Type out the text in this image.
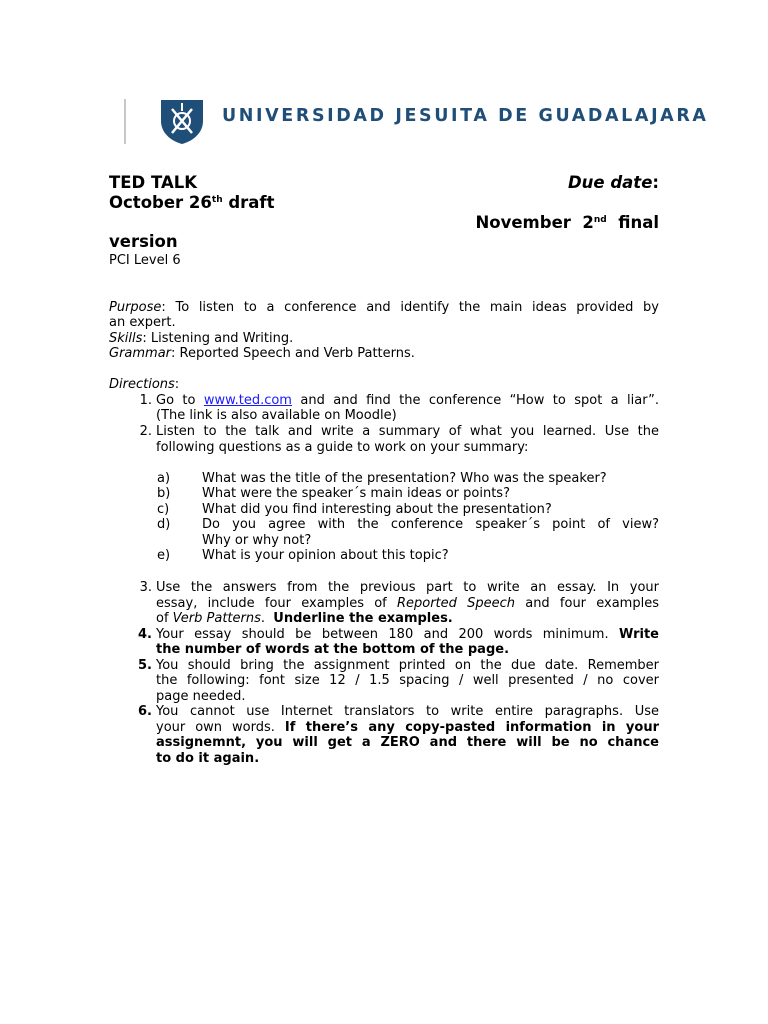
UNIVERSIDAD JESUITA DE GUADALAJARA
TED TALK	Due date:
October 26th draft
November  2nd  final
version
PCI Level 6
Purpose: To listen to a conference and identify the main ideas provided by
an expert.
Skills: Listening and Writing.
Grammar: Reported Speech and Verb Patterns.
Directions:
1. Go to www.ted.com and and find the conference “How to spot a liar”.
(The link is also available on Moodle)
2. Listen to the talk and write a summary of what you learned. Use the
following questions as a guide to work on your summary:
a) What was the title of the presentation? Who was the speaker?
b) What were the speaker´s main ideas or points?
c)	What did you find interesting about the presentation?
d) Do you agree with the conference speaker´s point of view?
Why or why not?
e) What is your opinion about this topic?
3. Use the answers from the previous part to write an essay. In your
essay, include four examples of Reported Speech and four examples
of Verb Patterns.  Underline the examples.
4. Your essay should be between 180 and 200 words minimum. Write
the number of words at the bottom of the page.
5. You should bring the assignment printed on the due date. Remember
the following: font size 12 / 1.5 spacing / well presented / no cover
page needed.
6. You cannot use Internet translators to write entire paragraphs. Use
your own words. If there’s any copy-pasted information in your
assignemnt, you will get a ZERO and there will be no chance
to do it again.
